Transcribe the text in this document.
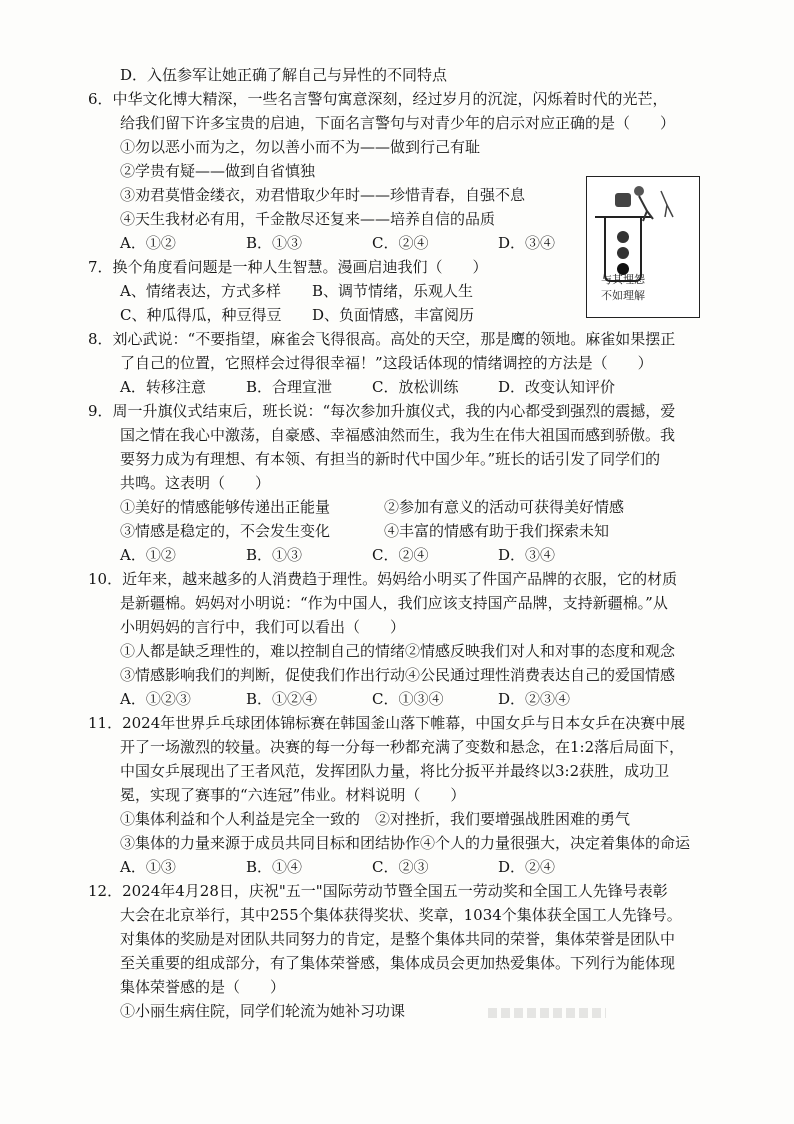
D．入伍参军让她正确了解自己与异性的不同特点
6．中华文化博大精深，一些名言警句寓意深刻，经过岁月的沉淀，闪烁着时代的光芒，
给我们留下许多宝贵的启迪，下面名言警句与对青少年的启示对应正确的是（　　）
①勿以恶小而为之，勿以善小而不为——做到行己有耻
②学贵有疑——做到自省慎独
③劝君莫惜金缕衣，劝君惜取少年时——珍惜青春，自强不息
④天生我材必有用，千金散尽还复来——培养自信的品质
A．①②	B．①③	C．②④	D．③④
与其埋怨
不如理解
7．换个角度看问题是一种人生智慧。漫画启迪我们（　　）
A、情绪表达，方式多样 B、调节情绪，乐观人生
C、种瓜得瓜，种豆得豆 D、负面情感，丰富阅历
8．刘心武说：“不要指望，麻雀会飞得很高。高处的天空，那是鹰的领地。麻雀如果摆正
了自己的位置，它照样会过得很幸福！”这段话体现的情绪调控的方法是（　　）
A．转移注意	B．合理宣泄	C．放松训练	D．改变认知评价
9．周一升旗仪式结束后，班长说：“每次参加升旗仪式，我的内心都受到强烈的震撼，爱
国之情在我心中激荡，自豪感、幸福感油然而生，我为生在伟大祖国而感到骄傲。我
要努力成为有理想、有本领、有担当的新时代中国少年。”班长的话引发了同学们的
共鸣。这表明（　　）
①美好的情感能够传递出正能量	②参加有意义的活动可获得美好情感
③情感是稳定的，不会发生变化	④丰富的情感有助于我们探索未知
A．①②	B．①③	C．②④	D．③④
10．近年来，越来越多的人消费趋于理性。妈妈给小明买了件国产品牌的衣服，它的材质
是新疆棉。妈妈对小明说：“作为中国人，我们应该支持国产品牌，支持新疆棉。”从
小明妈妈的言行中，我们可以看出（　　）
①人都是缺乏理性的，难以控制自己的情绪②情感反映我们对人和对事的态度和观念
③情感影响我们的判断，促使我们作出行动④公民通过理性消费表达自己的爱国情感
A．①②③	B．①②④	C．①③④	D．②③④
11．2024年世界乒乓球团体锦标赛在韩国釜山落下帷幕，中国女乒与日本女乒在决赛中展
开了一场激烈的较量。决赛的每一分每一秒都充满了变数和悬念，在1:2落后局面下，
中国女乒展现出了王者风范，发挥团队力量，将比分扳平并最终以3:2获胜，成功卫
冕，实现了赛事的“六连冠”伟业。材料说明（　　）
①集体利益和个人利益是完全一致的　②对挫折，我们要增强战胜困难的勇气
③集体的力量来源于成员共同目标和团结协作④个人的力量很强大，决定着集体的命运
A．①③	B．①④	C．②③	D．②④
12．2024年4月28日，庆祝"五一"国际劳动节暨全国五一劳动奖和全国工人先锋号表彰
大会在北京举行，其中255个集体获得奖状、奖章，1034个集体获全国工人先锋号。
对集体的奖励是对团队共同努力的肯定，是整个集体共同的荣誉，集体荣誉是团队中
至关重要的组成部分，有了集体荣誉感，集体成员会更加热爱集体。下列行为能体现
集体荣誉感的是（　　）
①小丽生病住院，同学们轮流为她补习功课
